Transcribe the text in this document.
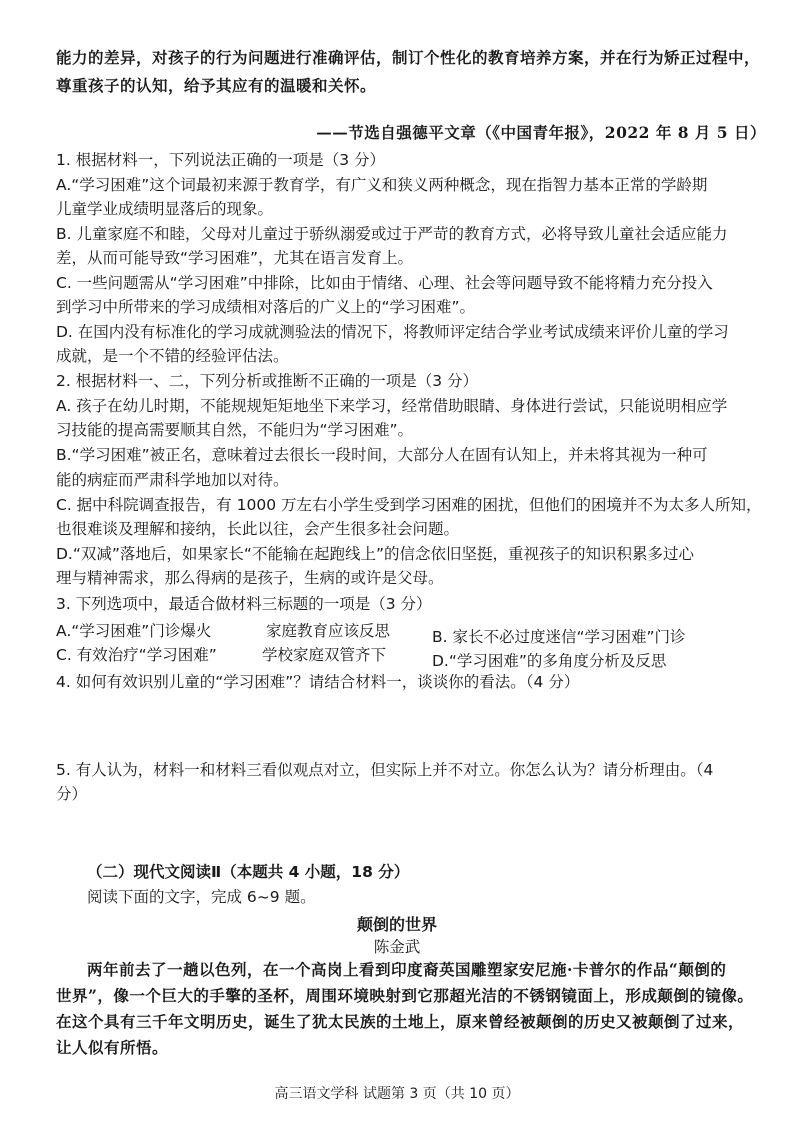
能力的差异，对孩子的行为问题进行准确评估，制订个性化的教育培养方案，并在行为矫正过程中，
尊重孩子的认知，给予其应有的温暖和关怀。
——节选自强德平文章（《中国青年报》，2022 年 8 月 5 日）
1. 根据材料一，下列说法正确的一项是（3 分）
A.“学习困难”这个词最初来源于教育学，有广义和狭义两种概念，现在指智力基本正常的学龄期
儿童学业成绩明显落后的现象。
B. 儿童家庭不和睦，父母对儿童过于骄纵溺爱或过于严苛的教育方式，必将导致儿童社会适应能力
差，从而可能导致“学习困难”，尤其在语言发育上。
C. 一些问题需从“学习困难”中排除，比如由于情绪、心理、社会等问题导致不能将精力充分投入
到学习中所带来的学习成绩相对落后的广义上的“学习困难”。
D. 在国内没有标准化的学习成就测验法的情况下，将教师评定结合学业考试成绩来评价儿童的学习
成就，是一个不错的经验评估法。
2. 根据材料一、二，下列分析或推断不正确的一项是（3 分）
A. 孩子在幼儿时期，不能规规矩矩地坐下来学习，经常借助眼睛、身体进行尝试，只能说明相应学
习技能的提高需要顺其自然，不能归为“学习困难”。
B.“学习困难”被正名，意味着过去很长一段时间，大部分人在固有认知上，并未将其视为一种可
能的病症而严肃科学地加以对待。
C. 据中科院调查报告，有 1000 万左右小学生受到学习困难的困扰，但他们的困境并不为太多人所知，
也很难谈及理解和接纳，长此以往，会产生很多社会问题。
D.“双减”落地后，如果家长“不能输在起跑线上”的信念依旧坚挺，重视孩子的知识积累多过心
理与精神需求，那么得病的是孩子，生病的或许是父母。
3. 下列选项中，最适合做材料三标题的一项是（3 分）
A.“学习困难”门诊爆火	家庭教育应该反思	B. 家长不必过度迷信“学习困难”门诊
C. 有效治疗“学习困难”	学校家庭双管齐下	D.“学习困难”的多角度分析及反思
4. 如何有效识别儿童的“学习困难”？请结合材料一，谈谈你的看法。（4 分）
5. 有人认为，材料一和材料三看似观点对立，但实际上并不对立。你怎么认为？请分析理由。（4
分）
（二）现代文阅读Ⅱ（本题共 4 小题，18 分）
阅读下面的文字，完成 6~9 题。
颠倒的世界
陈金武
两年前去了一趟以色列，在一个高岗上看到印度裔英国雕塑家安尼施·卡普尔的作品“颠倒的
世界”，像一个巨大的手擎的圣杯，周围环境映射到它那超光洁的不锈钢镜面上，形成颠倒的镜像。
在这个具有三千年文明历史，诞生了犹太民族的土地上，原来曾经被颠倒的历史又被颠倒了过来，
让人似有所悟。
高三语文学科 试题第 3 页（共 10 页）
